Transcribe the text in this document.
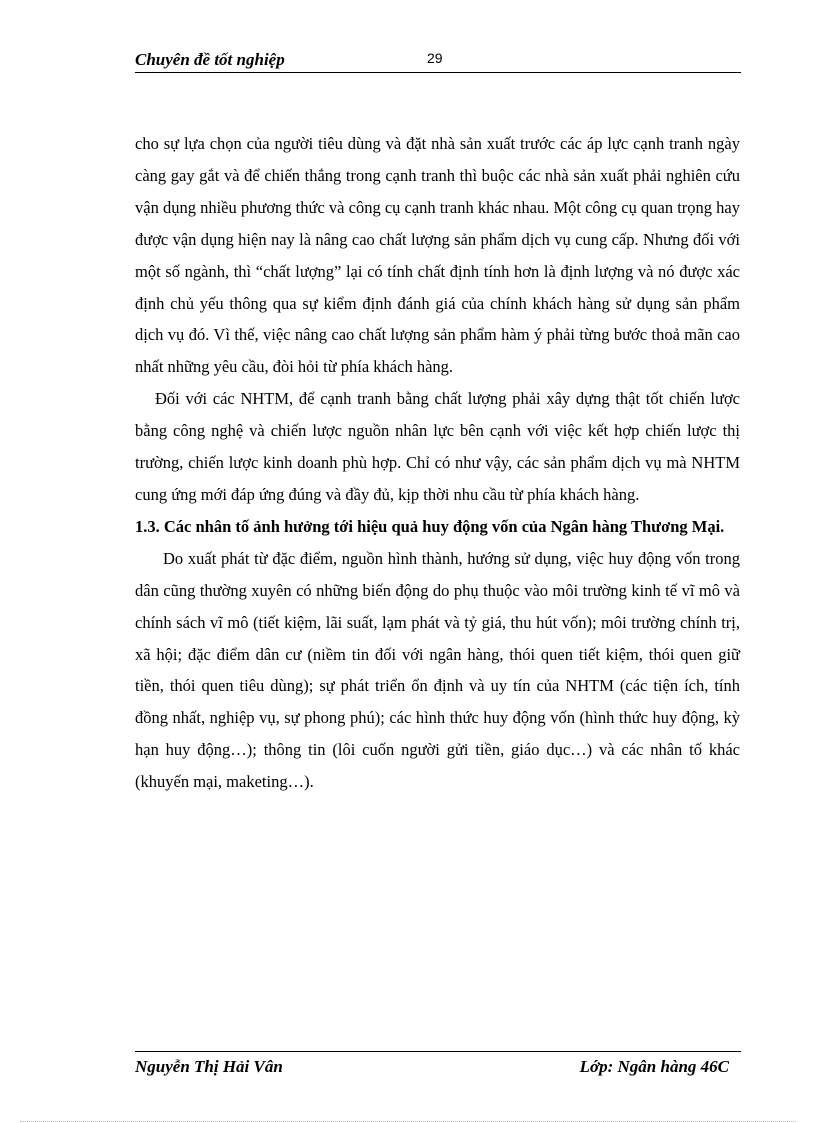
Chuyên đề tốt nghiệp	29

cho sự lựa chọn của người tiêu dùng và đặt nhà sản xuất trước các áp lực cạnh tranh ngày càng gay gắt và để chiến thắng trong cạnh tranh thì buộc các nhà sản xuất phải nghiên cứu vận dụng nhiều phương thức và công cụ cạnh tranh khác nhau. Một công cụ quan trọng hay được vận dụng hiện nay là nâng cao chất lượng sản phẩm dịch vụ cung cấp. Nhưng đối với một số ngành, thì “chất lượng” lại có tính chất định tính hơn là định lượng và nó được xác định chủ yếu thông qua sự kiểm định đánh giá của chính khách hàng sử dụng sản phẩm dịch vụ đó. Vì thế, việc nâng cao chất lượng sản phẩm hàm ý phải từng bước thoả mãn cao nhất những yêu cầu, đòi hỏi từ phía khách hàng.

Đối với các NHTM, để cạnh tranh bằng chất lượng phải xây dựng thật tốt chiến lược bằng công nghệ và chiến lược nguồn nhân lực bên cạnh với việc kết hợp chiến lược thị trường, chiến lược kinh doanh phù hợp. Chỉ có như vậy, các sản phẩm dịch vụ mà NHTM cung ứng mới đáp ứng đúng và đầy đủ, kịp thời nhu cầu từ phía khách hàng.

1.3. Các nhân tố ảnh hưởng tới hiệu quả huy động vốn của Ngân hàng Thương Mại.

Do xuất phát từ đặc điểm, nguồn hình thành, hướng sử dụng, việc huy động vốn trong dân cũng thường xuyên có những biến động do phụ thuộc vào môi trường kinh tế vĩ mô và chính sách vĩ mô (tiết kiệm, lãi suất, lạm phát và tỷ giá, thu hút vốn); môi trường chính trị, xã hội; đặc điểm dân cư (niềm tin đối với ngân hàng, thói quen tiết kiệm, thói quen giữ tiền, thói quen tiêu dùng); sự phát triển ổn định và uy tín của NHTM (các tiện ích, tính đồng nhất, nghiệp vụ, sự phong phú); các hình thức huy động vốn (hình thức huy động, kỳ hạn huy động…); thông tin (lôi cuốn người gửi tiền, giáo dục…) và các nhân tố khác (khuyến mại, maketing…).

Nguyễn Thị Hải Vân	Lớp: Ngân hàng 46C
